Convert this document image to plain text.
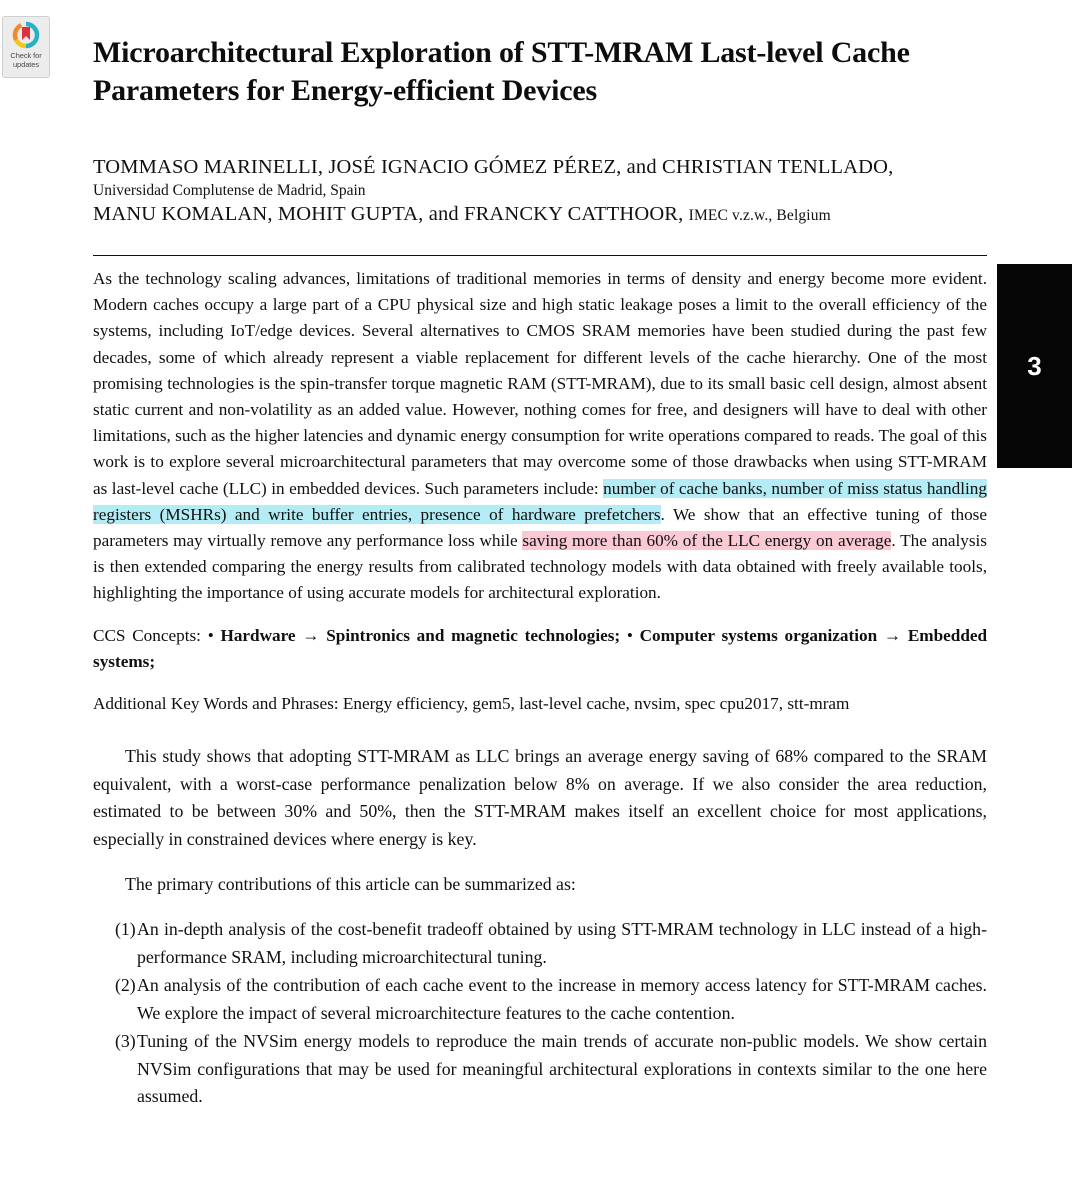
Check for
updates
3
Microarchitectural Exploration of STT-MRAM Last-level Cache Parameters for Energy-efficient Devices
TOMMASO MARINELLI, JOSÉ IGNACIO GÓMEZ PÉREZ, and CHRISTIAN TENLLADO,
Universidad Complutense de Madrid, Spain
MANU KOMALAN, MOHIT GUPTA, and FRANCKY CATTHOOR, IMEC v.z.w., Belgium
As the technology scaling advances, limitations of traditional memories in terms of density and energy become more evident. Modern caches occupy a large part of a CPU physical size and high static leakage poses a limit to the overall efficiency of the systems, including IoT/edge devices. Several alternatives to CMOS SRAM memories have been studied during the past few decades, some of which already represent a viable replacement for different levels of the cache hierarchy. One of the most promising technologies is the spin-transfer torque magnetic RAM (STT-MRAM), due to its small basic cell design, almost absent static current and non-volatility as an added value. However, nothing comes for free, and designers will have to deal with other limitations, such as the higher latencies and dynamic energy consumption for write operations compared to reads. The goal of this work is to explore several microarchitectural parameters that may overcome some of those drawbacks when using STT-MRAM as last-level cache (LLC) in embedded devices. Such parameters include: number of cache banks, number of miss status handling registers (MSHRs) and write buffer entries, presence of hardware prefetchers. We show that an effective tuning of those parameters may virtually remove any performance loss while saving more than 60% of the LLC energy on average. The analysis is then extended comparing the energy results from calibrated technology models with data obtained with freely available tools, highlighting the importance of using accurate models for architectural exploration.
CCS Concepts: • Hardware → Spintronics and magnetic technologies; • Computer systems organization → Embedded systems;
Additional Key Words and Phrases: Energy efficiency, gem5, last-level cache, nvsim, spec cpu2017, stt-mram

This study shows that adopting STT-MRAM as LLC brings an average energy saving of 68% compared to the SRAM equivalent, with a worst-case performance penalization below 8% on average. If we also consider the area reduction, estimated to be between 30% and 50%, then the STT-MRAM makes itself an excellent choice for most applications, especially in constrained devices where energy is key.

The primary contributions of this article can be summarized as:

(1) An in-depth analysis of the cost-benefit tradeoff obtained by using STT-MRAM technology in LLC instead of a high-performance SRAM, including microarchitectural tuning.
(2) An analysis of the contribution of each cache event to the increase in memory access latency for STT-MRAM caches. We explore the impact of several microarchitecture features to the cache contention.
(3) Tuning of the NVSim energy models to reproduce the main trends of accurate non-public models. We show certain NVSim configurations that may be used for meaningful architectural explorations in contexts similar to the one here assumed.
